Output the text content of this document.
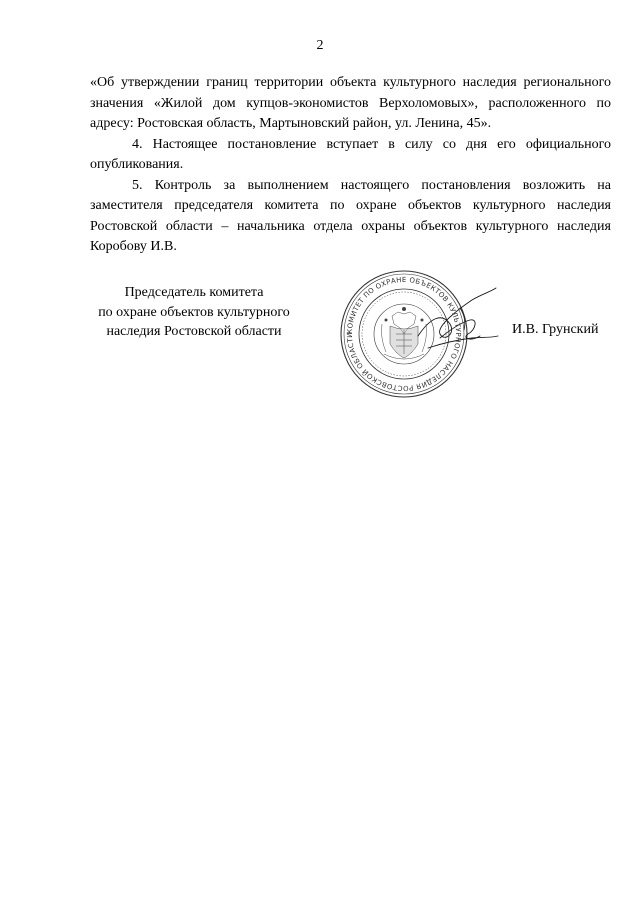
2

«Об утверждении границ территории объекта культурного наследия регионального значения «Жилой дом купцов-экономистов Верхоломовых», расположенного по адресу: Ростовская область, Мартыновский район, ул. Ленина, 45».

4. Настоящее постановление вступает в силу со дня его официального опубликования.

5. Контроль за выполнением настоящего постановления возложить на заместителя председателя комитета по охране объектов культурного наследия Ростовской области – начальника отдела охраны объектов культурного наследия Коробову И.В.

Председатель комитета
по охране объектов культурного
наследия Ростовской области	КОМИТЕТ ПО ОХРАНЕ ОБЪЕКТОВ КУЛЬТУРНОГО НАСЛЕДИЯ РОСТОВСКОЙ ОБЛАСТИ	И.В. Грунский
